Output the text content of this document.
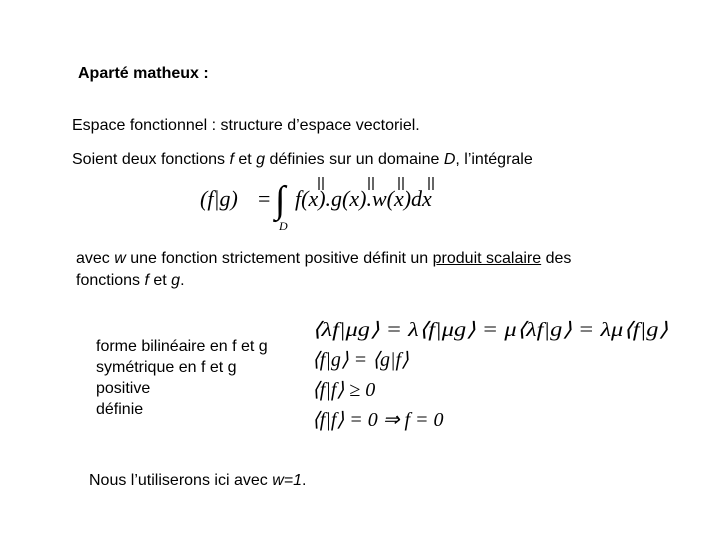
Aparté matheux :
Espace fonctionnel : structure d’espace vectoriel.
Soient deux fonctions f et g définies sur un domaine D, l’intégrale
(f|g) = ∫
D
f(x).g(x).w(x)dx
avec w une fonction strictement positive définit un produit scalaire des
fonctions f et g.
forme bilinéaire en f et g
symétrique en f et g
positive
définie
⟨λf|μg⟩ = λ⟨f|μg⟩ = μ⟨λf|g⟩ = λμ⟨f|g⟩
⟨f|g⟩ = ⟨g|f⟩
⟨f|f⟩ ≥ 0
⟨f|f⟩ = 0 ⇒ f = 0
Nous l’utiliserons ici avec w=1.
